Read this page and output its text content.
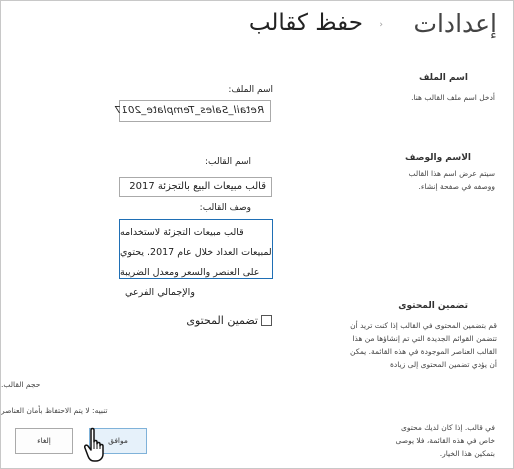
إعدادات
›
حفظ كقالب
اسم الملف
أدخل اسم ملف القالب هنا.
اسم الملف:
Retail_Sales_Template_2017
الاسم والوصف
سيتم عرض اسم هذا القالب ووصفه في صفحة إنشاء.
اسم القالب:
قالب مبيعات البيع بالتجزئة 2017
وصف القالب:
قالب مبيعات التجزئة لاستخدامه لمبيعات العداد خلال عام 2017. يحتوي على العنصر والسعر ومعدل الضريبة والإجمالي الفرعي
تضمين المحتوى
قم بتضمين المحتوى في القالب إذا كنت تريد أن تتضمن القوائم الجديدة التي تم إنشاؤها من هذا القالب العناصر الموجودة في هذه القائمة. يمكن أن يؤدي تضمين المحتوى إلى زيادة
تضمين المحتوى
حجم القالب.
تنبيه: لا يتم الاحتفاظ بأمان العناصر
في قالب. إذا كان لديك محتوى خاص في هذه القائمة، فلا يوصى بتمكين هذا الخيار.
إلغاء	موافق
